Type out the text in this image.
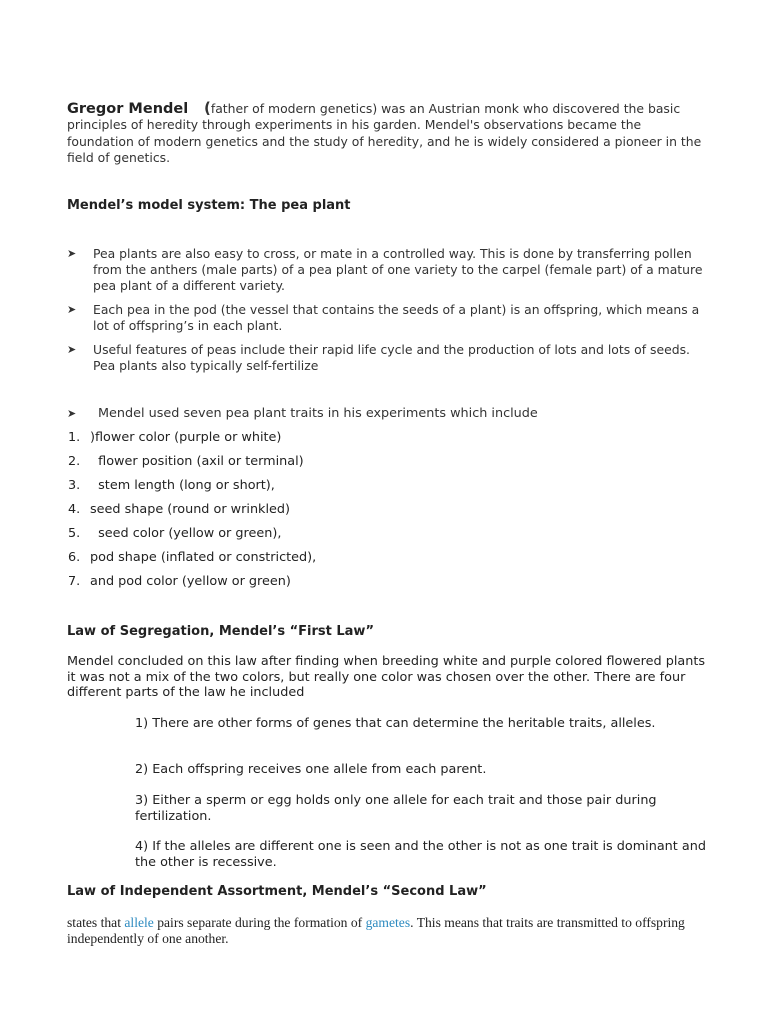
Gregor Mendel (father of modern genetics) was an Austrian monk who discovered the basic principles of heredity through experiments in his garden. Mendel's observations became the foundation of modern genetics and the study of heredity, and he is widely considered a pioneer in the field of genetics.
Mendel’s model system: The pea plant
➤ Pea plants are also easy to cross, or mate in a controlled way. This is done by transferring pollen from the anthers (male parts) of a pea plant of one variety to the carpel (female part) of a mature pea plant of a different variety.
➤ Each pea in the pod (the vessel that contains the seeds of a plant) is an offspring, which means a lot of offspring’s in each plant.
➤ Useful features of peas include their rapid life cycle and the production of lots and lots of seeds. Pea plants also typically self-fertilize
➤ Mendel used seven pea plant traits in his experiments which include
1. )flower color (purple or white)
2.  flower position (axil or terminal)
3.  stem length (long or short),
4. seed shape (round or wrinkled)
5.  seed color (yellow or green),
6. pod shape (inflated or constricted),
7. and pod color (yellow or green)
Law of Segregation, Mendel’s “First Law”
Mendel concluded on this law after finding when breeding white and purple colored flowered plants it was not a mix of the two colors, but really one color was chosen over the other. There are four different parts of the law he included
1) There are other forms of genes that can determine the heritable traits, alleles.
2) Each offspring receives one allele from each parent.
3) Either a sperm or egg holds only one allele for each trait and those pair during fertilization.
4) If the alleles are different one is seen and the other is not as one trait is dominant and the other is recessive.
Law of Independent Assortment, Mendel’s “Second Law”
states that allele pairs separate during the formation of gametes. This means that traits are transmitted to offspring independently of one another.
